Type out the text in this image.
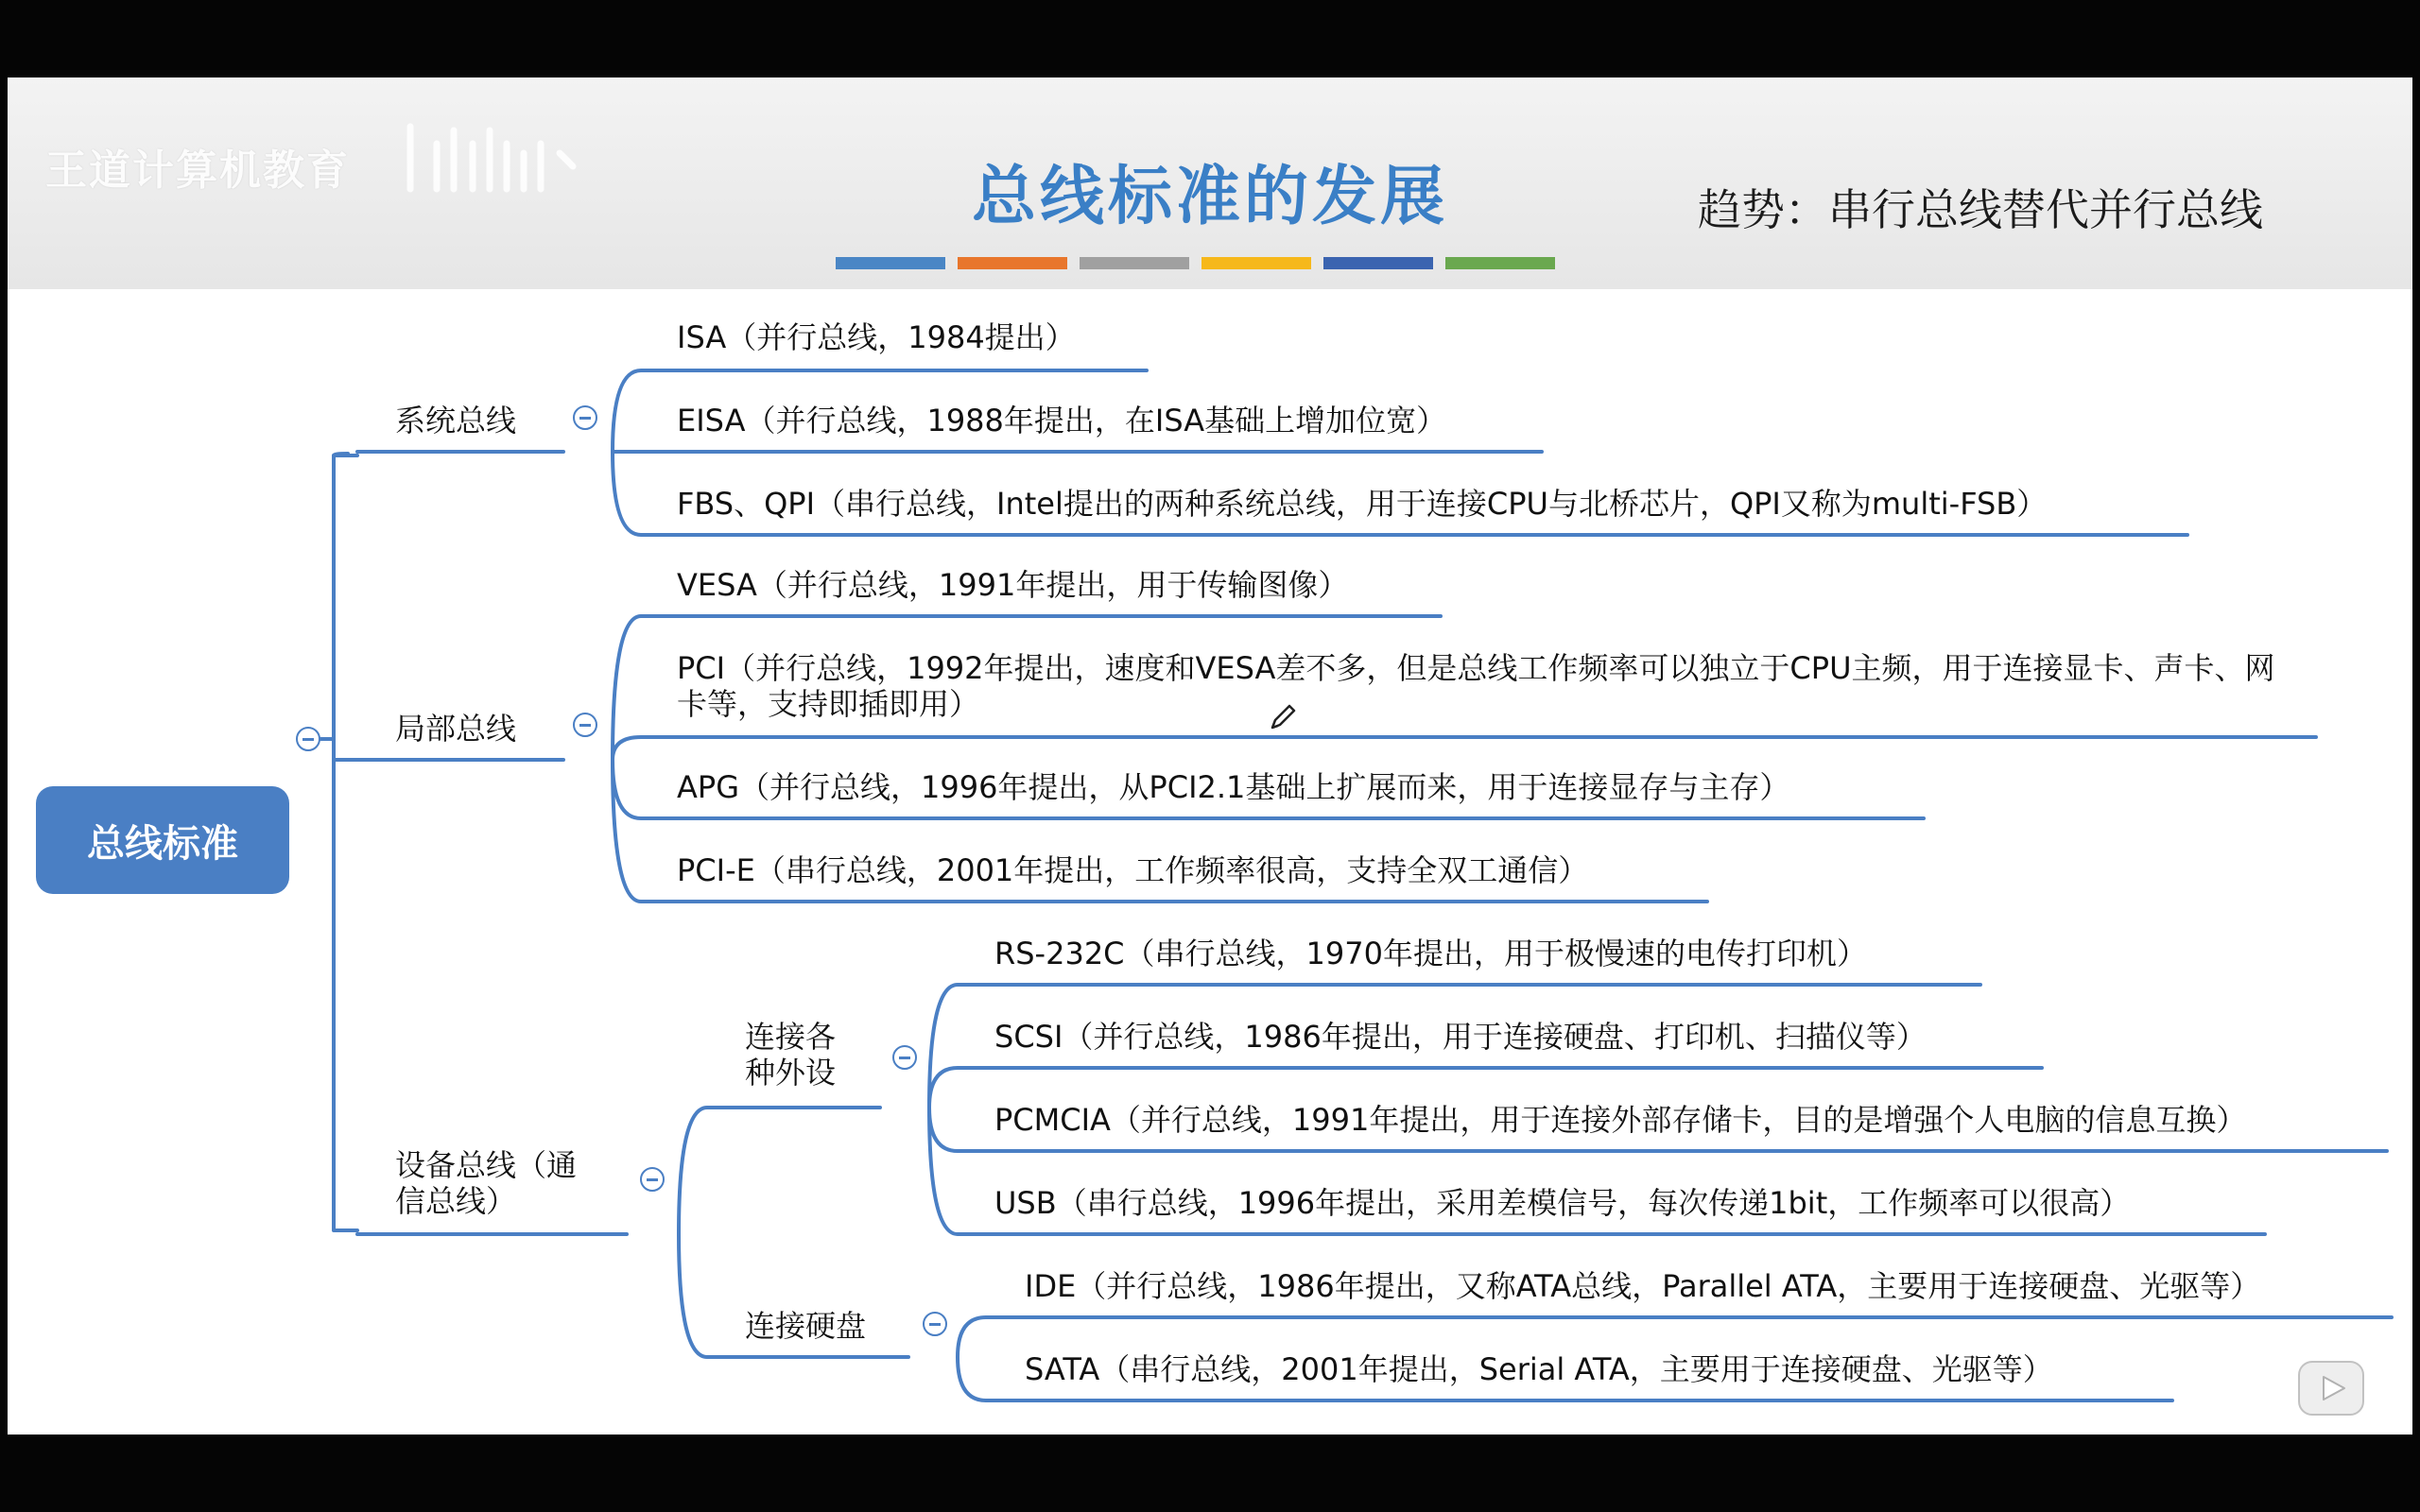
王道计算机教育	总线标准的发展	趋势：串行总线替代并行总线
总线标准
系统总线
ISA（并行总线，1984提出）
EISA（并行总线，1988年提出，在ISA基础上增加位宽）
FBS、QPI（串行总线，Intel提出的两种系统总线，用于连接CPU与北桥芯片，QPI又称为multi-FSB）
局部总线
VESA（并行总线，1991年提出，用于传输图像）
PCI（并行总线，1992年提出，速度和VESA差不多，但是总线工作频率可以独立于CPU主频，用于连接显卡、声卡、网卡等，支持即插即用）
APG（并行总线，1996年提出，从PCI2.1基础上扩展而来，用于连接显存与主存）
PCI-E（串行总线，2001年提出，工作频率很高，支持全双工通信）
设备总线（通信总线）
连接各种外设
RS-232C（串行总线，1970年提出，用于极慢速的电传打印机）
SCSI（并行总线，1986年提出，用于连接硬盘、打印机、扫描仪等）
PCMCIA（并行总线，1991年提出，用于连接外部存储卡，目的是增强个人电脑的信息互换）
USB（串行总线，1996年提出，采用差模信号，每次传递1bit，工作频率可以很高）
连接硬盘
IDE（并行总线，1986年提出，又称ATA总线，Parallel ATA，主要用于连接硬盘、光驱等）
SATA（串行总线，2001年提出，Serial ATA，主要用于连接硬盘、光驱等）
